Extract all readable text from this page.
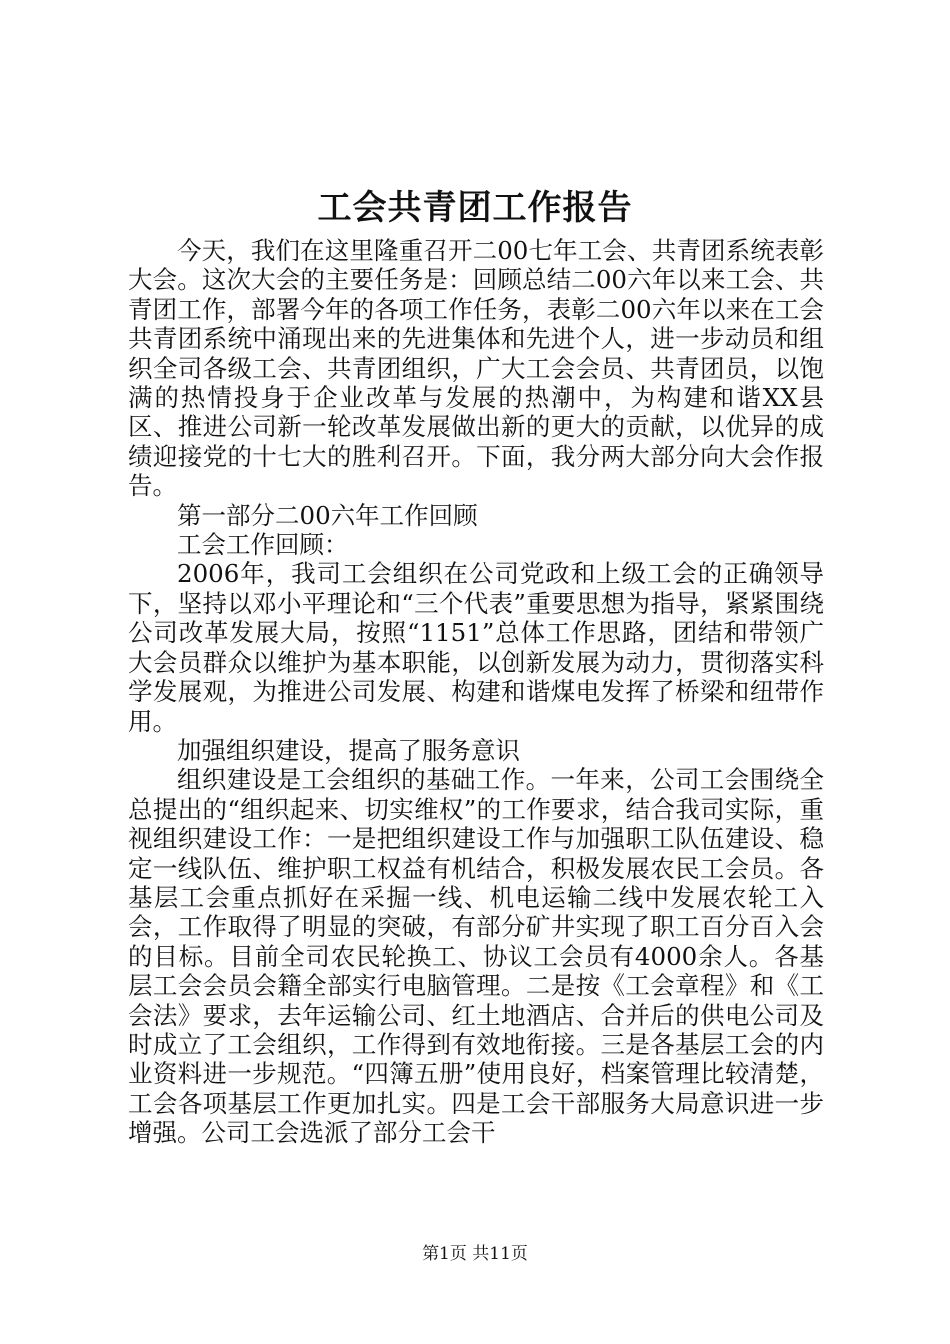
工会共青团工作报告

今天，我们在这里隆重召开二00七年工会、共青团系统表彰大会。这次大会的主要任务是：回顾总结二00六年以来工会、共青团工作，部署今年的各项工作任务，表彰二00六年以来在工会共青团系统中涌现出来的先进集体和先进个人，进一步动员和组织全司各级工会、共青团组织，广大工会会员、共青团员，以饱满的热情投身于企业改革与发展的热潮中，为构建和谐XX县区、推进公司新一轮改革发展做出新的更大的贡献，以优异的成绩迎接党的十七大的胜利召开。下面，我分两大部分向大会作报告。

第一部分二00六年工作回顾

工会工作回顾：

2006年，我司工会组织在公司党政和上级工会的正确领导下，坚持以邓小平理论和“三个代表”重要思想为指导，紧紧围绕公司改革发展大局，按照“1151”总体工作思路，团结和带领广大会员群众以维护为基本职能，以创新发展为动力，贯彻落实科学发展观，为推进公司发展、构建和谐煤电发挥了桥梁和纽带作用。

加强组织建设，提高了服务意识

组织建设是工会组织的基础工作。一年来，公司工会围绕全总提出的“组织起来、切实维权”的工作要求，结合我司实际，重视组织建设工作：一是把组织建设工作与加强职工队伍建设、稳定一线队伍、维护职工权益有机结合，积极发展农民工会员。各基层工会重点抓好在采掘一线、机电运输二线中发展农轮工入会，工作取得了明显的突破，有部分矿井实现了职工百分百入会的目标。目前全司农民轮换工、协议工会员有4000余人。各基层工会会员会籍全部实行电脑管理。二是按《工会章程》和《工会法》要求，去年运输公司、红土地酒店、合并后的供电公司及时成立了工会组织，工作得到有效地衔接。三是各基层工会的内业资料进一步规范。“四簿五册”使用良好，档案管理比较清楚，工会各项基层工作更加扎实。四是工会干部服务大局意识进一步增强。公司工会选派了部分工会干

第1页 共11页
